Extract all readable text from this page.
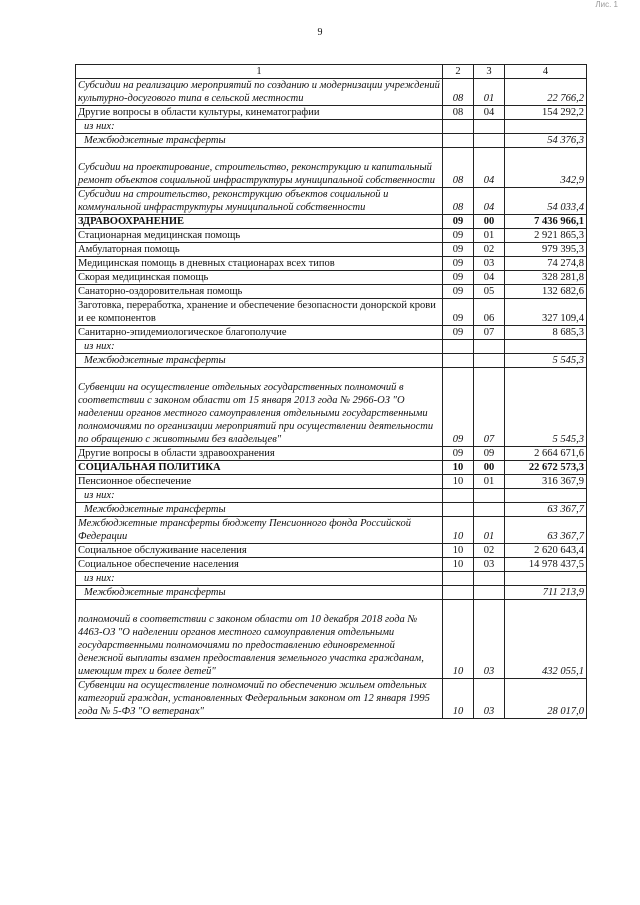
Лис. 1
9
1	2	3	4
Субсидии на реализацию мероприятий по созданию и модернизации учреждений культурно-досугового типа в сельской местности	08	01	22 766,2
Другие вопросы в области культуры, кинематографии	08	04	154 292,2
из них:			
Межбюджетные трансферты			54 376,3
Субсидии на проектирование, строительство, реконструкцию и капитальный ремонт объектов социальной инфраструктуры муниципальной собственности	08	04	342,9
Субсидии на строительство, реконструкцию объектов социальной и коммунальной инфраструктуры муниципальной собственности	08	04	54 033,4
ЗДРАВООХРАНЕНИЕ	09	00	7 436 966,1
Стационарная медицинская помощь	09	01	2 921 865,3
Амбулаторная помощь	09	02	979 395,3
Медицинская помощь в дневных стационарах всех типов	09	03	74 274,8
Скорая медицинская помощь	09	04	328 281,8
Санаторно-оздоровительная помощь	09	05	132 682,6
Заготовка, переработка, хранение и обеспечение безопасности донорской крови и ее компонентов	09	06	327 109,4
Санитарно-эпидемиологическое благополучие	09	07	8 685,3
из них:			
Межбюджетные трансферты			5 545,3
Субвенции на осуществление отдельных государственных полномочий в соответствии с законом области от 15 января 2013 года № 2966-ОЗ "О наделении органов местного самоуправления отдельными государственными полномочиями по организации мероприятий при осуществлении деятельности по обращению с животными без владельцев"	09	07	5 545,3
Другие вопросы в области здравоохранения	09	09	2 664 671,6
СОЦИАЛЬНАЯ ПОЛИТИКА	10	00	22 672 573,3
Пенсионное обеспечение	10	01	316 367,9
из них:			
Межбюджетные трансферты			63 367,7
Межбюджетные трансферты бюджету Пенсионного фонда Российской Федерации	10	01	63 367,7
Социальное обслуживание населения	10	02	2 620 643,4
Социальное обеспечение населения	10	03	14 978 437,5
из них:			
Межбюджетные трансферты			711 213,9
полномочий в соответствии с законом области от 10 декабря 2018 года № 4463-ОЗ "О наделении органов местного самоуправления отдельными государственными полномочиями по предоставлению единовременной денежной выплаты взамен предоставления земельного участка гражданам, имеющим трех и более детей"	10	03	432 055,1
Субвенции на осуществление полномочий по обеспечению жильем отдельных категорий граждан, установленных Федеральным законом от 12 января 1995 года № 5-ФЗ "О ветеранах"	10	03	28 017,0
